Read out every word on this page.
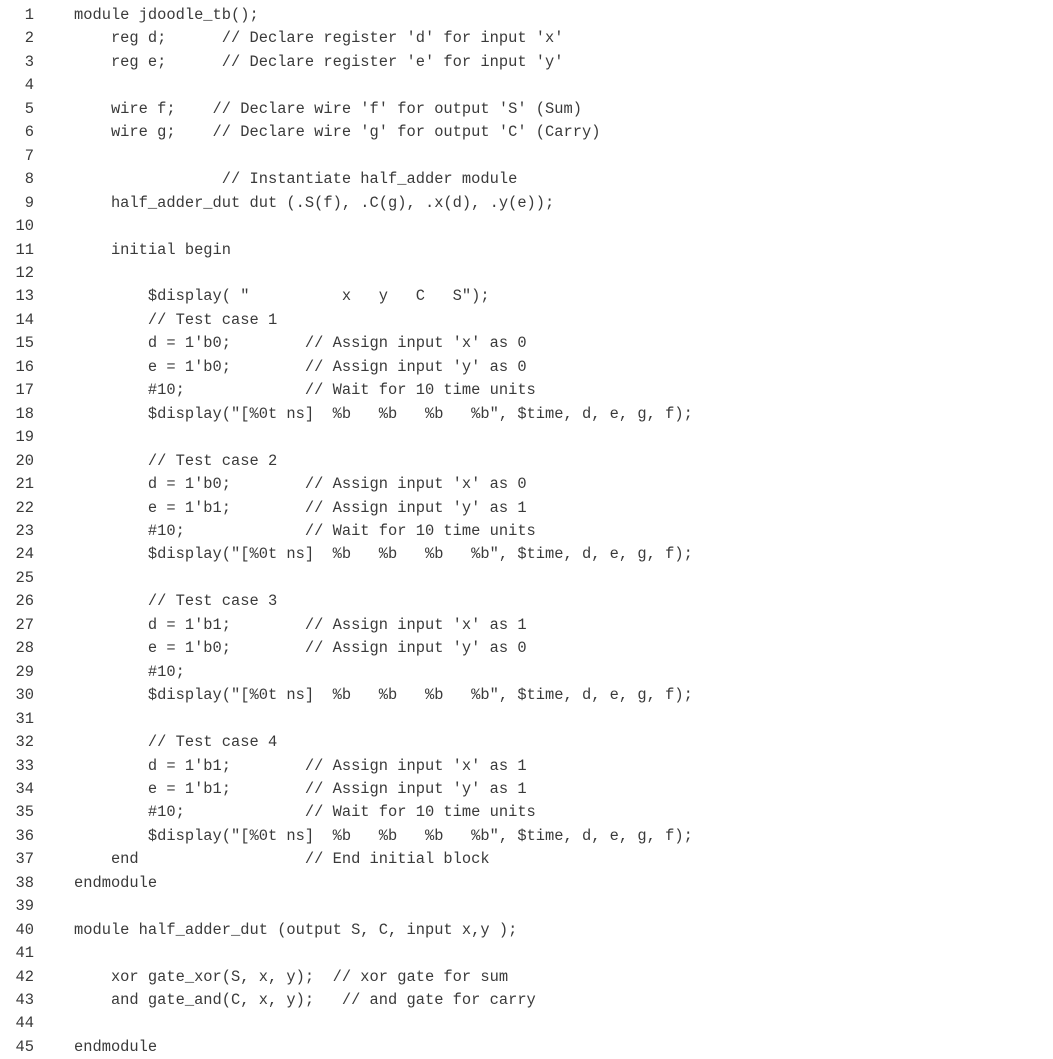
1	module jdoodle_tb();
2	reg d;      // Declare register 'd' for input 'x'
3	reg e;      // Declare register 'e' for input 'y'
4
5	wire f;    // Declare wire 'f' for output 'S' (Sum)
6	wire g;    // Declare wire 'g' for output 'C' (Carry)
7
8	// Instantiate half_adder module
9	half_adder_dut dut (.S(f), .C(g), .x(d), .y(e));
10
11	initial begin
12
13	$display( "          x   y   C   S");
14	// Test case 1
15	d = 1'b0;        // Assign input 'x' as 0
16	e = 1'b0;        // Assign input 'y' as 0
17	#10;             // Wait for 10 time units
18	$display("[%0t ns]  %b   %b   %b   %b", $time, d, e, g, f);
19
20	// Test case 2
21	d = 1'b0;        // Assign input 'x' as 0
22	e = 1'b1;        // Assign input 'y' as 1
23	#10;             // Wait for 10 time units
24	$display("[%0t ns]  %b   %b   %b   %b", $time, d, e, g, f);
25
26	// Test case 3
27	d = 1'b1;        // Assign input 'x' as 1
28	e = 1'b0;        // Assign input 'y' as 0
29	#10;
30	$display("[%0t ns]  %b   %b   %b   %b", $time, d, e, g, f);
31
32	// Test case 4
33	d = 1'b1;        // Assign input 'x' as 1
34	e = 1'b1;        // Assign input 'y' as 1
35	#10;             // Wait for 10 time units
36	$display("[%0t ns]  %b   %b   %b   %b", $time, d, e, g, f);
37	end                  // End initial block
38	endmodule
39
40	module half_adder_dut (output S, C, input x,y );
41
42	xor gate_xor(S, x, y);  // xor gate for sum
43	and gate_and(C, x, y);   // and gate for carry
44
45	endmodule
